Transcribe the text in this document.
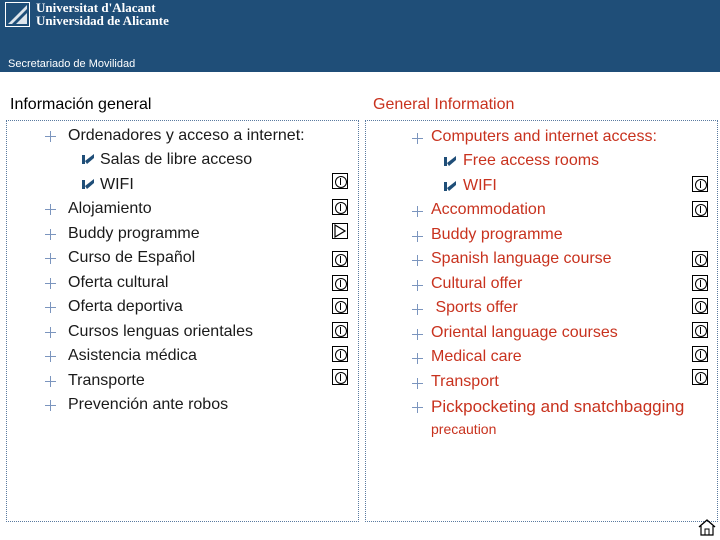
Universitat d'Alacant
Universidad de Alicante
Secretariado de Movilidad
Información general	General Information
Ordenadores y acceso a internet:
Salas de libre acceso
WIFI
Alojamiento
Buddy programme
Curso de Español
Oferta cultural
Oferta deportiva
Cursos lenguas orientales
Asistencia médica
Transporte
Prevención ante robos
Computers and internet access:
Free access rooms
WIFI
Accommodation
Buddy programme
Spanish language course
Cultural offer
Sports offer
Oriental language courses
Medical care
Transport
Pickpocketing and snatchbagging
precaution
